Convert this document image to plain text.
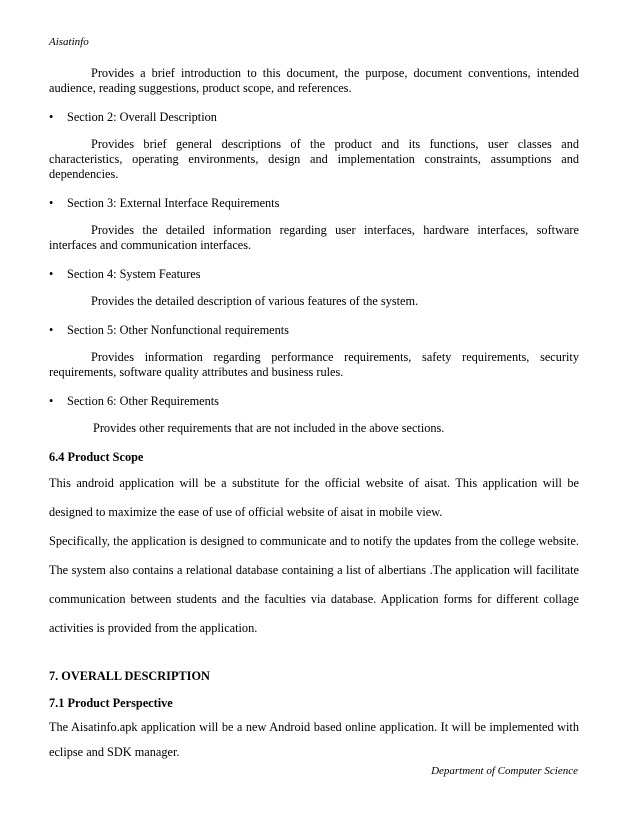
Aisatinfo

Provides a brief introduction to this document, the purpose, document conventions, intended audience, reading suggestions, product scope, and references.

• Section 2: Overall Description

Provides brief general descriptions of the product and its functions, user classes and characteristics, operating environments, design and implementation constraints, assumptions and dependencies.

• Section 3: External Interface Requirements

Provides the detailed information regarding user interfaces, hardware interfaces, software interfaces and communication interfaces.

• Section 4: System Features

Provides the detailed description of various features of the system.

• Section 5: Other Nonfunctional requirements

Provides information regarding performance requirements, safety requirements, security requirements, software quality attributes and business rules.

• Section 6: Other Requirements

Provides other requirements that are not included in the above sections.

6.4 Product Scope

This android application will be a substitute for the official website of aisat. This application will be designed to maximize the ease of use of official website of aisat in mobile view.

Specifically, the application is designed to communicate and to notify the updates from the college website. The system also contains a relational database containing a list of albertians .The application will facilitate communication between students and the faculties via database. Application forms for different collage activities is provided from the application.

7. OVERALL DESCRIPTION
7.1 Product Perspective

The Aisatinfo.apk application will be a new Android based online application. It will be implemented with eclipse and SDK manager.

Department of Computer Science
